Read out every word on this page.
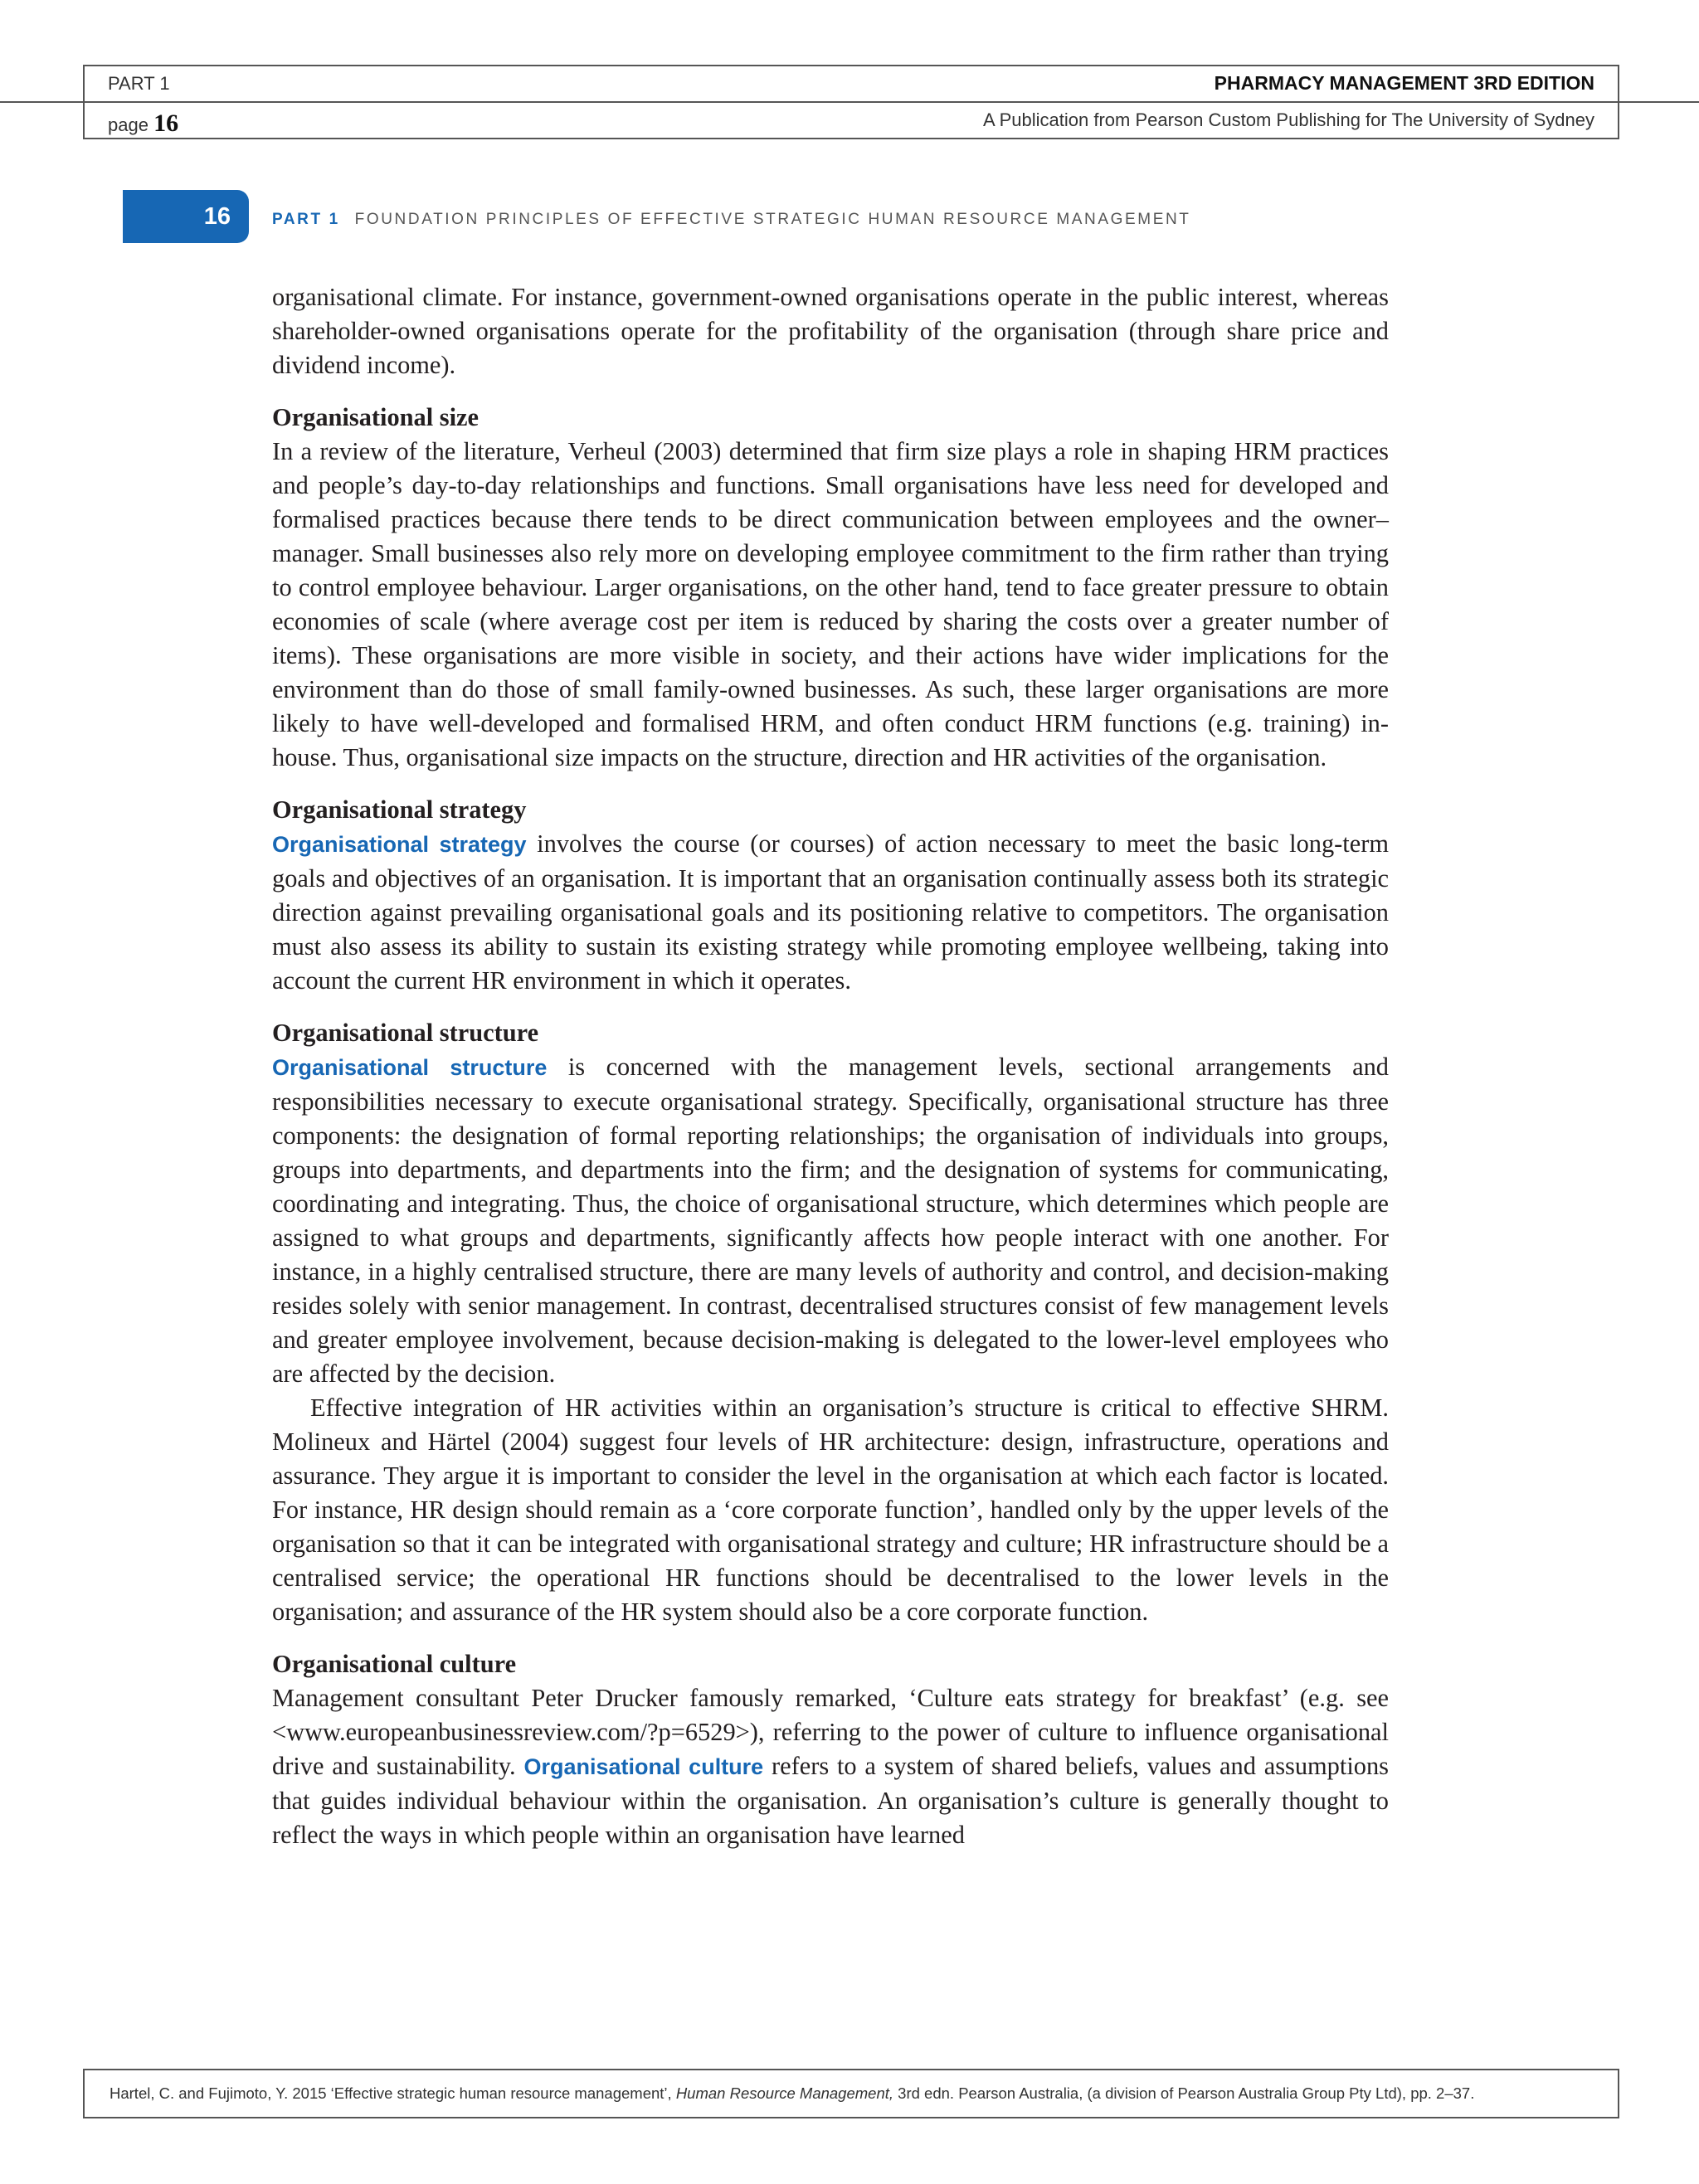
PART 1	PHARMACY MANAGEMENT 3RD EDITION
page 16	A Publication from Pearson Custom Publishing for The University of Sydney
16	PART 1 FOUNDATION PRINCIPLES OF EFFECTIVE STRATEGIC HUMAN RESOURCE MANAGEMENT

organisational climate. For instance, government-owned organisations operate in the public interest, whereas shareholder-owned organisations operate for the profitability of the organisation (through share price and dividend income).

Organisational size

In a review of the literature, Verheul (2003) determined that firm size plays a role in shaping HRM practices and people’s day-to-day relationships and functions. Small organisations have less need for developed and formalised practices because there tends to be direct communication between employees and the owner–manager. Small businesses also rely more on developing employee commitment to the firm rather than trying to control employee behaviour. Larger organisations, on the other hand, tend to face greater pressure to obtain economies of scale (where average cost per item is reduced by sharing the costs over a greater number of items). These organisations are more visible in society, and their actions have wider implications for the environment than do those of small family-owned businesses. As such, these larger organisations are more likely to have well-developed and formalised HRM, and often conduct HRM functions (e.g. training) in-house. Thus, organisational size impacts on the structure, direction and HR activities of the organisation.

Organisational strategy

Organisational strategy involves the course (or courses) of action necessary to meet the basic long-term goals and objectives of an organisation. It is important that an organisation continually assess both its strategic direction against prevailing organisational goals and its positioning relative to competitors. The organisation must also assess its ability to sustain its existing strategy while promoting employee wellbeing, taking into account the current HR environment in which it operates.

Organisational structure

Organisational structure is concerned with the management levels, sectional arrangements and responsibilities necessary to execute organisational strategy. Specifically, organisational structure has three components: the designation of formal reporting relationships; the organisation of individuals into groups, groups into departments, and departments into the firm; and the designation of systems for communicating, coordinating and integrating. Thus, the choice of organisational structure, which determines which people are assigned to what groups and departments, significantly affects how people interact with one another. For instance, in a highly centralised structure, there are many levels of authority and control, and decision-making resides solely with senior management. In contrast, decentralised structures consist of few management levels and greater employee involvement, because decision-making is delegated to the lower-level employees who are affected by the decision.

Effective integration of HR activities within an organisation’s structure is critical to effective SHRM. Molineux and Härtel (2004) suggest four levels of HR architecture: design, infrastructure, operations and assurance. They argue it is important to consider the level in the organisation at which each factor is located. For instance, HR design should remain as a ‘core corporate function’, handled only by the upper levels of the organisation so that it can be integrated with organisational strategy and culture; HR infrastructure should be a centralised service; the operational HR functions should be decentralised to the lower levels in the organisation; and assurance of the HR system should also be a core corporate function.

Organisational culture

Management consultant Peter Drucker famously remarked, ‘Culture eats strategy for breakfast’ (e.g. see <www.europeanbusinessreview.com/?p=6529>), referring to the power of culture to influence organisational drive and sustainability. Organisational culture refers to a system of shared beliefs, values and assumptions that guides individual behaviour within the organisation. An organisation’s culture is generally thought to reflect the ways in which people within an organisation have learned

Hartel, C. and Fujimoto, Y. 2015 ‘Effective strategic human resource management’, Human Resource Management, 3rd edn. Pearson Australia, (a division of Pearson Australia Group Pty Ltd), pp. 2–37.
